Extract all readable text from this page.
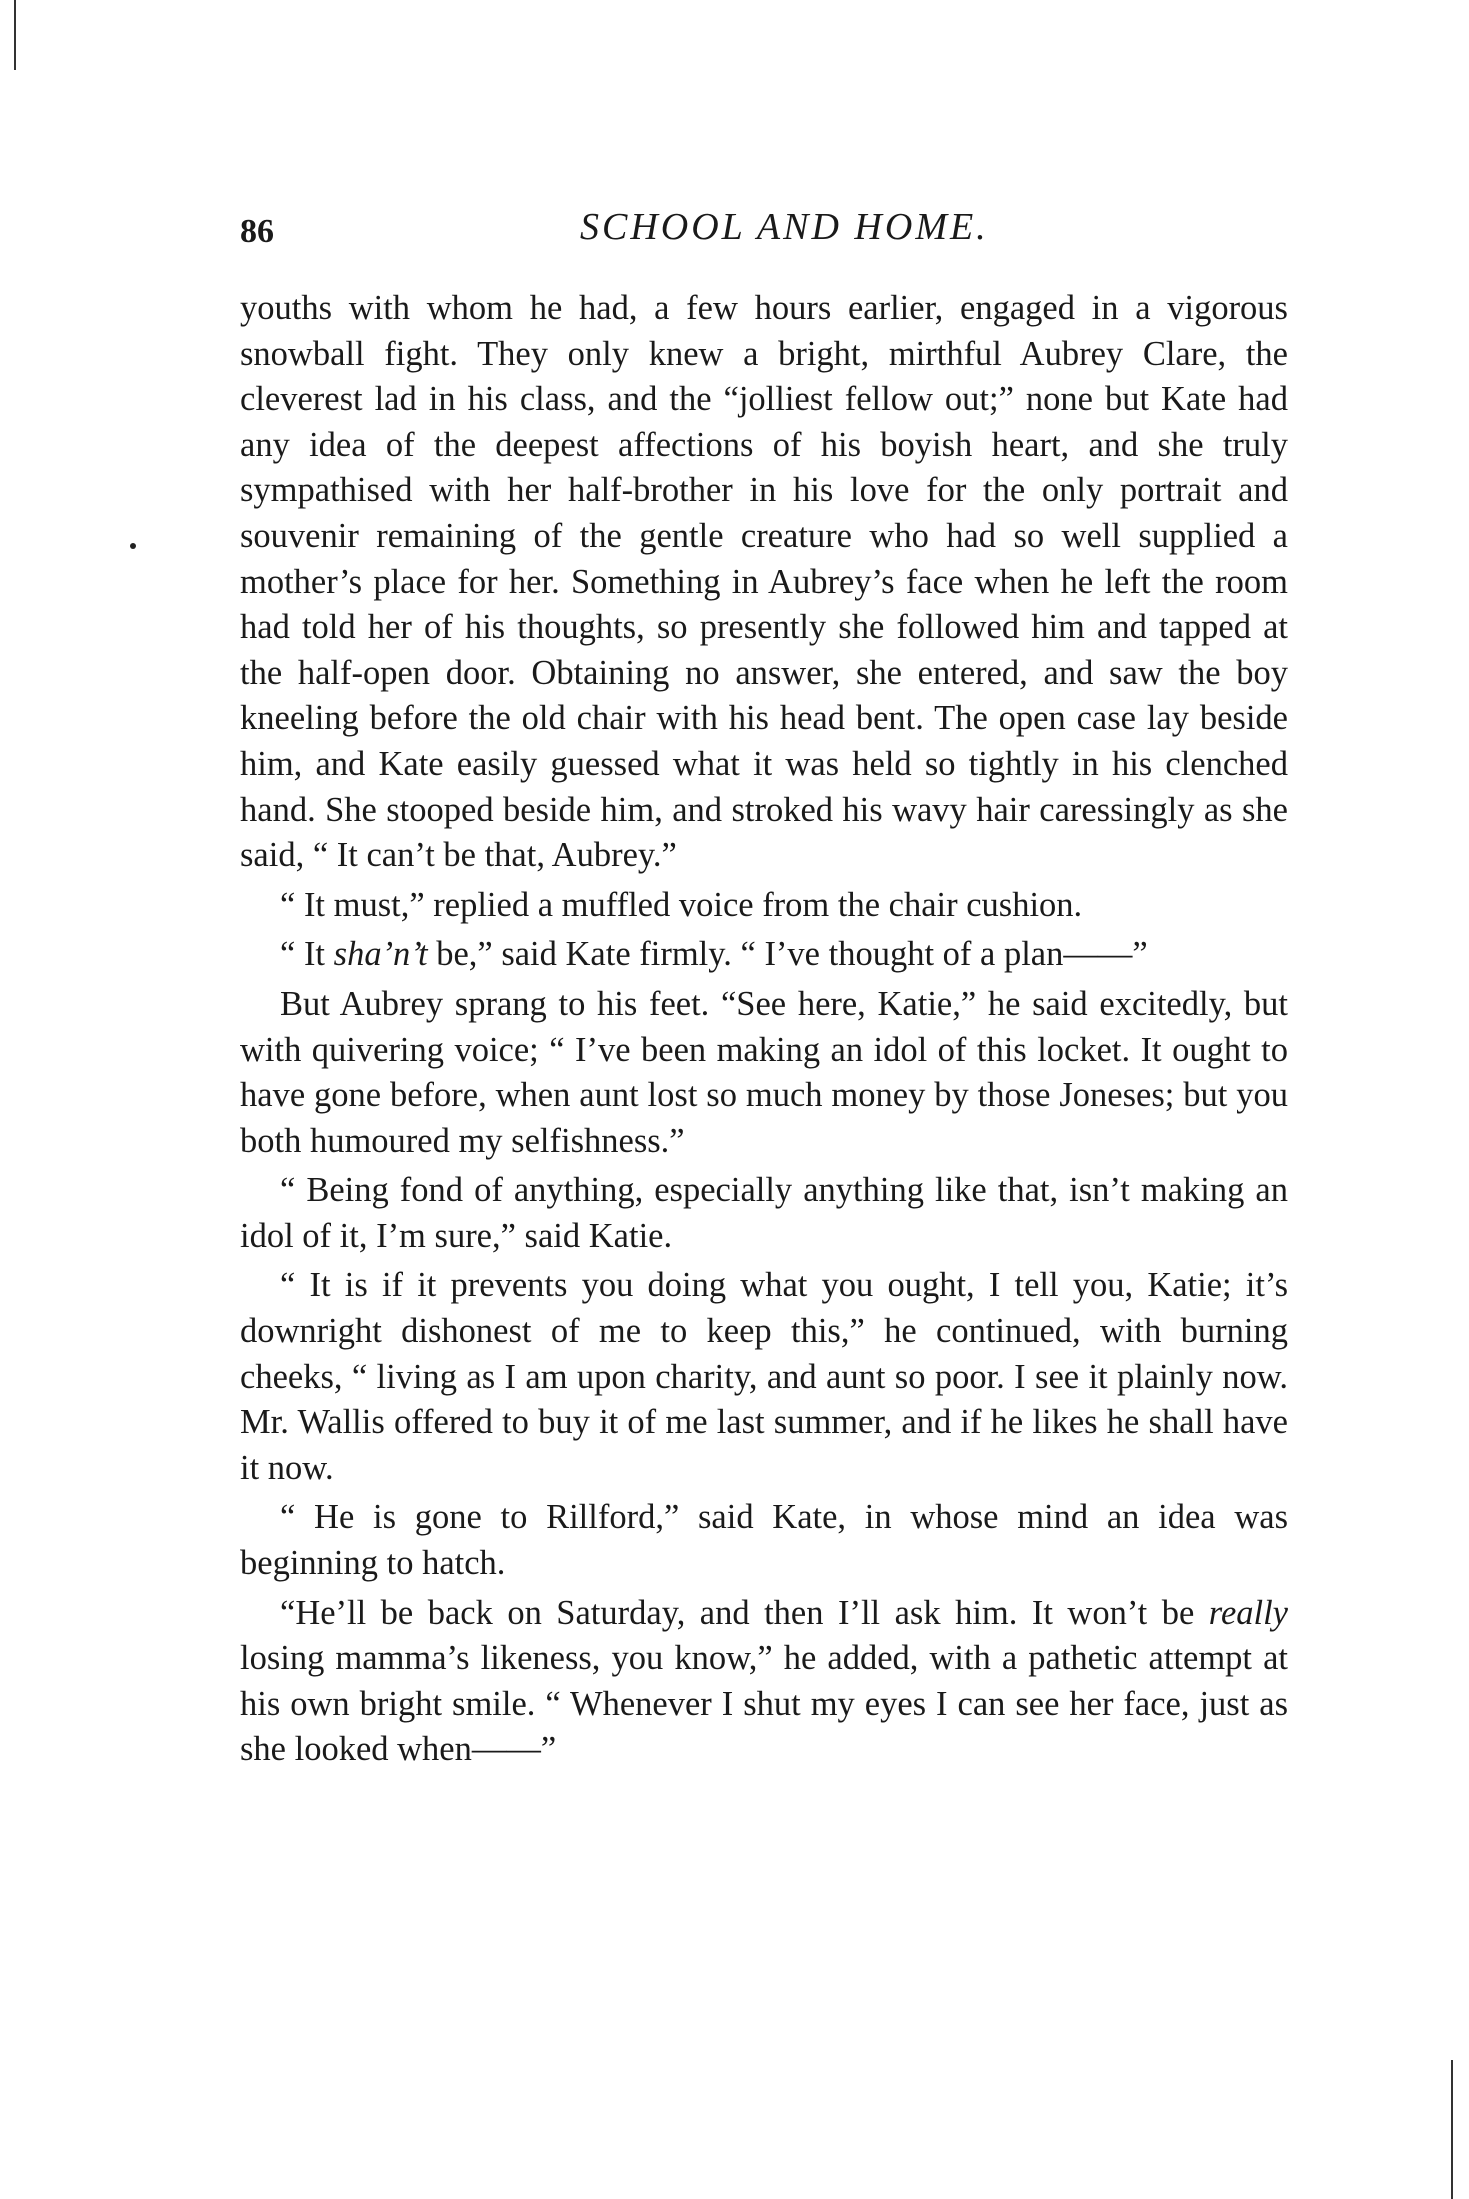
86	SCHOOL AND HOME.

youths with whom he had, a few hours earlier, engaged in a vigorous snowball fight. They only knew a bright, mirthful Aubrey Clare, the cleverest lad in his class, and the “jolliest fellow out;” none but Kate had any idea of the deepest affections of his boyish heart, and she truly sympathised with her half-brother in his love for the only portrait and souvenir remaining of the gentle creature who had so well supplied a mother’s place for her. Something in Aubrey’s face when he left the room had told her of his thoughts, so presently she followed him and tapped at the half-open door. Obtaining no answer, she entered, and saw the boy kneeling before the old chair with his head bent. The open case lay beside him, and Kate easily guessed what it was held so tightly in his clenched hand. She stooped beside him, and stroked his wavy hair caressingly as she said, “ It can’t be that, Aubrey.”

“ It must,” replied a muffled voice from the chair cushion.

“ It sha’n’t be,” said Kate firmly. “ I’ve thought of a plan——”

But Aubrey sprang to his feet. “See here, Katie,” he said excitedly, but with quivering voice; “ I’ve been making an idol of this locket. It ought to have gone before, when aunt lost so much money by those Joneses; but you both humoured my selfishness.”

“ Being fond of anything, especially anything like that, isn’t making an idol of it, I’m sure,” said Katie.

“ It is if it prevents you doing what you ought, I tell you, Katie; it’s downright dishonest of me to keep this,” he continued, with burning cheeks, “ living as I am upon charity, and aunt so poor. I see it plainly now. Mr. Wallis offered to buy it of me last summer, and if he likes he shall have it now.

“ He is gone to Rillford,” said Kate, in whose mind an idea was beginning to hatch.

“He’ll be back on Saturday, and then I’ll ask him. It won’t be really losing mamma’s likeness, you know,” he added, with a pathetic attempt at his own bright smile. “ Whenever I shut my eyes I can see her face, just as she looked when——”
